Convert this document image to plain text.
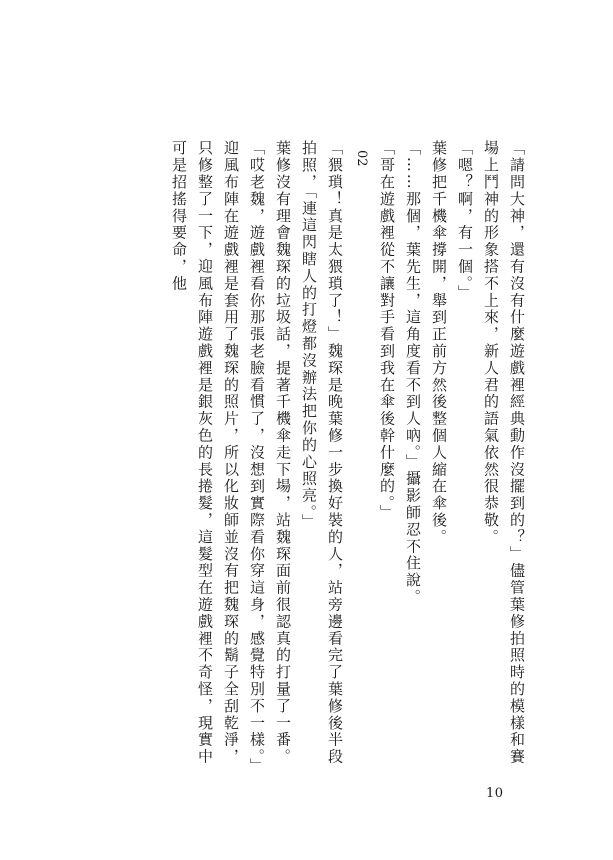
「請問大神，還有沒有什麼遊戲裡經典動作沒擺到的？」儘管葉修拍照時的模樣和賽場上鬥神的形象搭不上來，新人君的語氣依然很恭敬。

「嗯？啊，有一個。」

葉修把千機傘撐開，舉到正前方然後整個人縮在傘後。

「……那個，葉先生，這角度看不到人吶。」攝影師忍不住說。

「哥在遊戲裡從不讓對手看到我在傘後幹什麼的。」

02

「猥瑣！真是太猥瑣了！」魏琛是晚葉修一步換好裝的人，站旁邊看完了葉修後半段拍照，「連這閃瞎人的打燈都沒辦法把你的心照亮。」

葉修沒有理會魏琛的垃圾話，提著千機傘走下場，站魏琛面前很認真的打量了一番。

「哎老魏，遊戲裡看你那張老臉看慣了，沒想到實際看你穿這身，感覺特別不一樣。」

迎風布陣在遊戲裡是套用了魏琛的照片，所以化妝師並沒有把魏琛的鬍子全刮乾淨，只修整了一下，迎風布陣遊戲裡是銀灰色的長捲髮，這髮型在遊戲裡不奇怪，現實中可是招搖得要命，他

10
